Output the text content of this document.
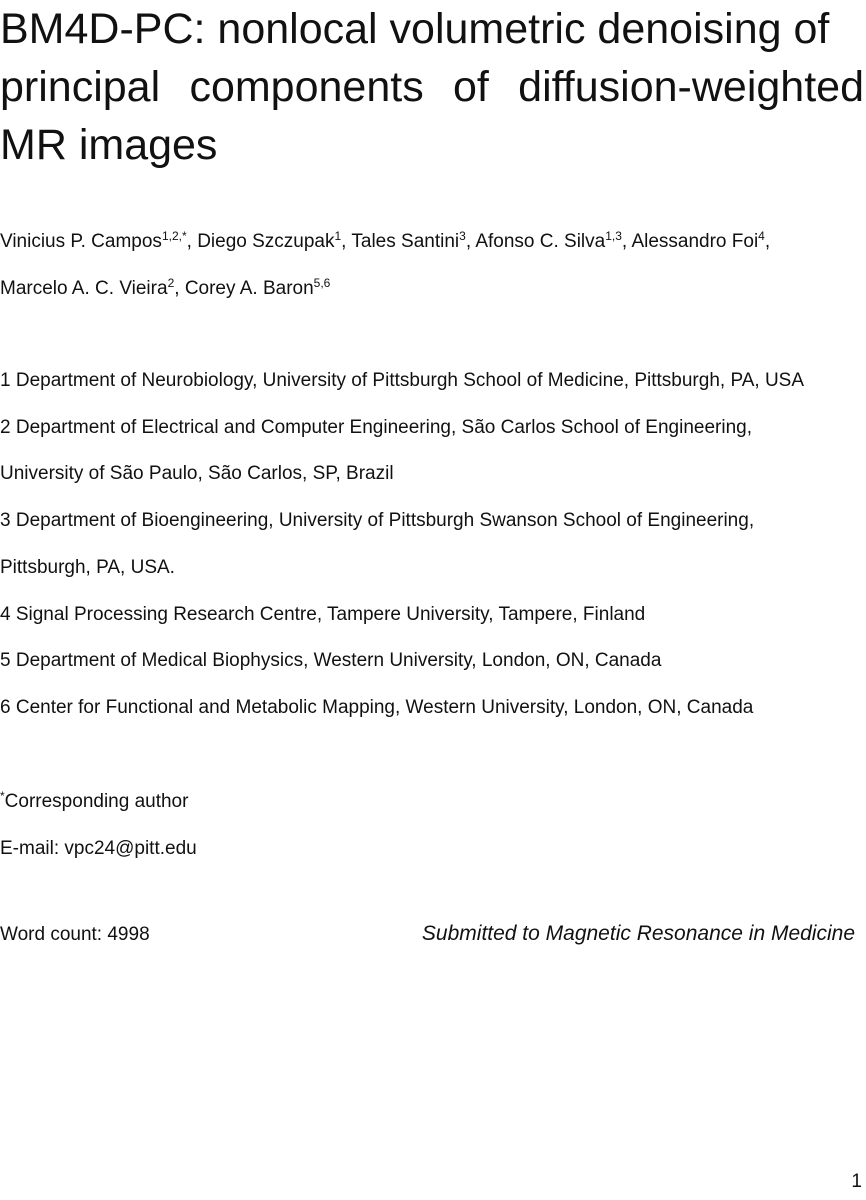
BM4D-PC: nonlocal volumetric denoising of
principal components of diffusion-weighted
MR images
Vinicius P. Campos$^{1,2,*}$, Diego Szczupak$^1$, Tales Santini$^3$, Afonso C. Silva$^{1,3}$, Alessandro Foi$^4$,
Marcelo A. C. Vieira$^2$, Corey A. Baron$^{5,6}$
1 Department of Neurobiology, University of Pittsburgh School of Medicine, Pittsburgh, PA, USA
2 Department of Electrical and Computer Engineering, São Carlos School of Engineering,
University of São Paulo, São Carlos, SP, Brazil
3 Department of Bioengineering, University of Pittsburgh Swanson School of Engineering,
Pittsburgh, PA, USA.
4 Signal Processing Research Centre, Tampere University, Tampere, Finland
5 Department of Medical Biophysics, Western University, London, ON, Canada
6 Center for Functional and Metabolic Mapping, Western University, London, ON, Canada
*Corresponding author
E-mail: vpc24@pitt.edu
Word count: 4998	Submitted to Magnetic Resonance in Medicine
1
